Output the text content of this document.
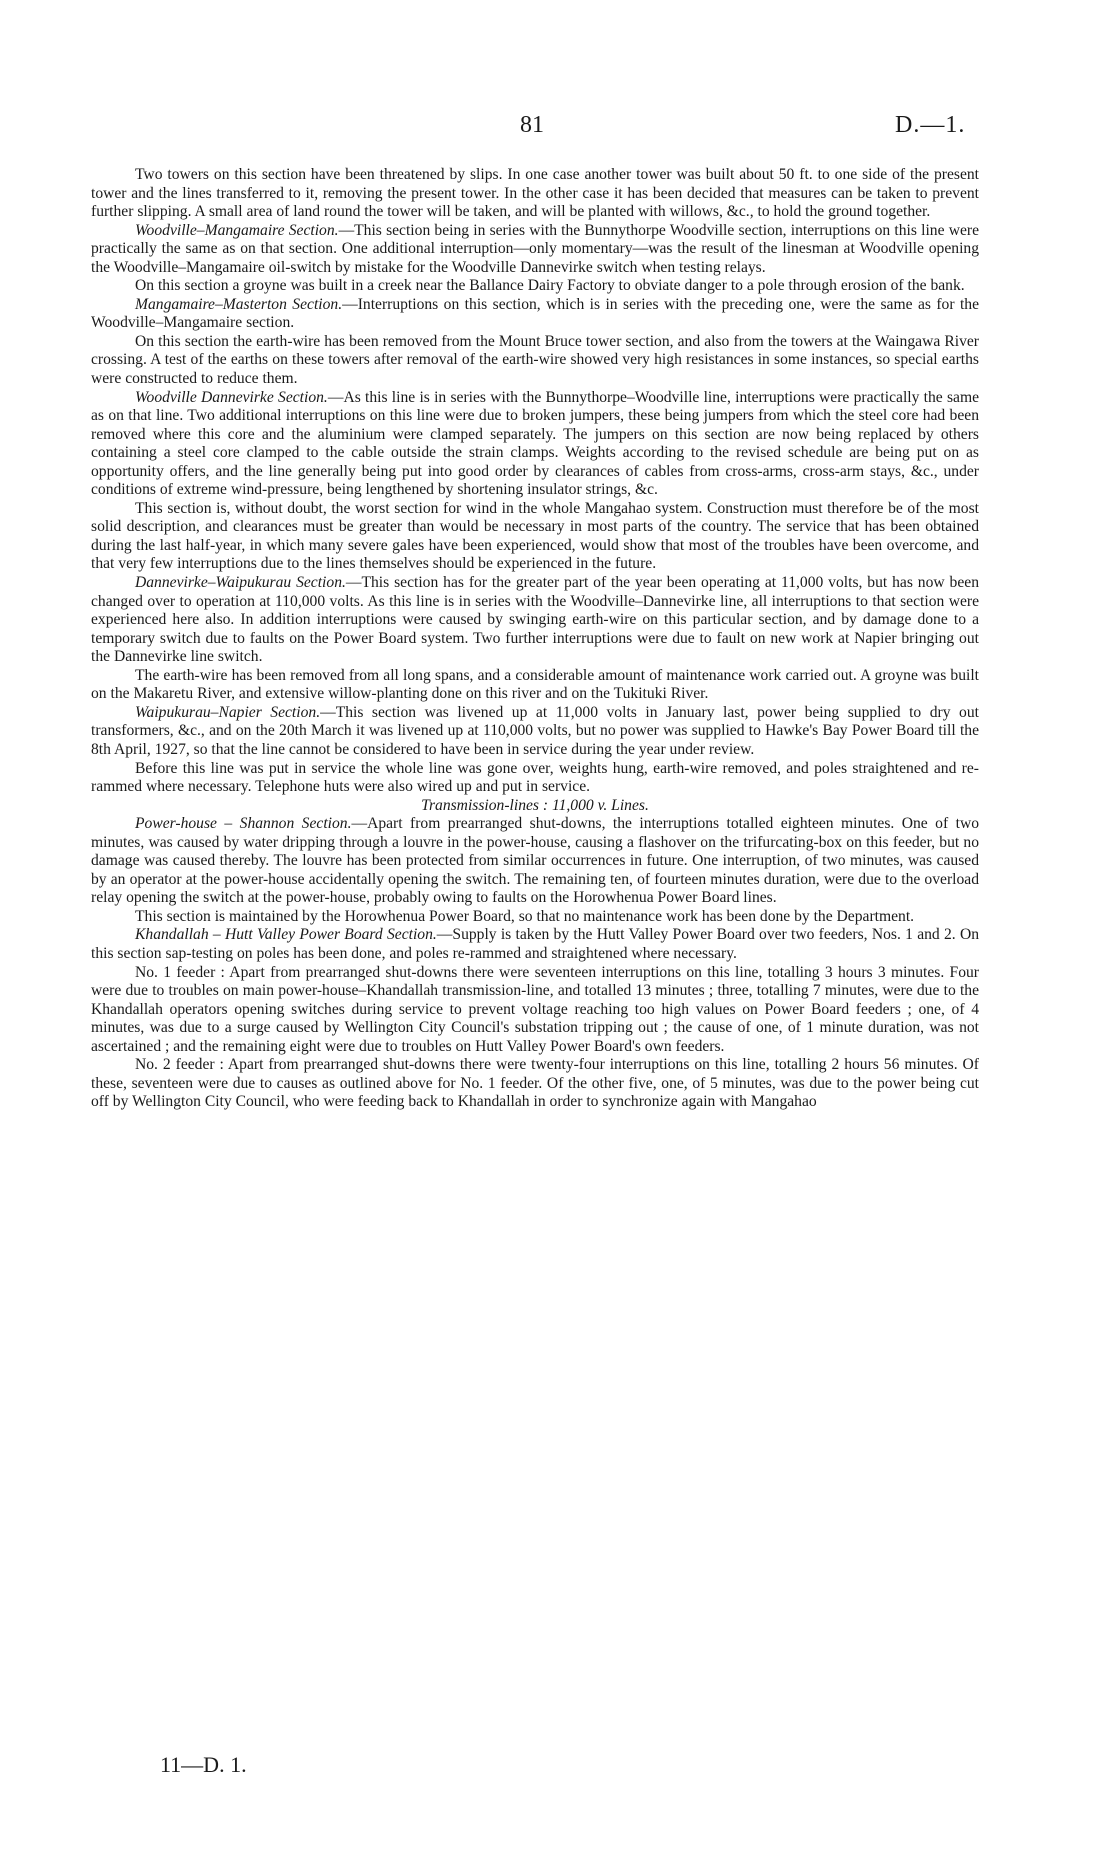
81	D.—1.

Two towers on this section have been threatened by slips. In one case another tower was built about 50 ft. to one side of the present tower and the lines transferred to it, removing the present tower. In the other case it has been decided that measures can be taken to prevent further slipping. A small area of land round the tower will be taken, and will be planted with willows, &c., to hold the ground together.

Woodville–Mangamaire Section.—This section being in series with the Bunnythorpe Woodville section, interruptions on this line were practically the same as on that section. One additional interruption—only momentary—was the result of the linesman at Woodville opening the Woodville–Mangamaire oil-switch by mistake for the Woodville Dannevirke switch when testing relays.

On this section a groyne was built in a creek near the Ballance Dairy Factory to obviate danger to a pole through erosion of the bank.

Mangamaire–Masterton Section.—Interruptions on this section, which is in series with the preceding one, were the same as for the Woodville–Mangamaire section.

On this section the earth-wire has been removed from the Mount Bruce tower section, and also from the towers at the Waingawa River crossing. A test of the earths on these towers after removal of the earth-wire showed very high resistances in some instances, so special earths were constructed to reduce them.

Woodville Dannevirke Section.—As this line is in series with the Bunnythorpe–Woodville line, interruptions were practically the same as on that line. Two additional interruptions on this line were due to broken jumpers, these being jumpers from which the steel core had been removed where this core and the aluminium were clamped separately. The jumpers on this section are now being replaced by others containing a steel core clamped to the cable outside the strain clamps. Weights according to the revised schedule are being put on as opportunity offers, and the line generally being put into good order by clearances of cables from cross-arms, cross-arm stays, &c., under conditions of extreme wind-pressure, being lengthened by shortening insulator strings, &c.

This section is, without doubt, the worst section for wind in the whole Mangahao system. Construction must therefore be of the most solid description, and clearances must be greater than would be necessary in most parts of the country. The service that has been obtained during the last half-year, in which many severe gales have been experienced, would show that most of the troubles have been overcome, and that very few interruptions due to the lines themselves should be experienced in the future.

Dannevirke–Waipukurau Section.—This section has for the greater part of the year been operating at 11,000 volts, but has now been changed over to operation at 110,000 volts. As this line is in series with the Woodville–Dannevirke line, all interruptions to that section were experienced here also. In addition interruptions were caused by swinging earth-wire on this particular section, and by damage done to a temporary switch due to faults on the Power Board system. Two further interruptions were due to fault on new work at Napier bringing out the Dannevirke line switch.

The earth-wire has been removed from all long spans, and a considerable amount of maintenance work carried out. A groyne was built on the Makaretu River, and extensive willow-planting done on this river and on the Tukituki River.

Waipukurau–Napier Section.—This section was livened up at 11,000 volts in January last, power being supplied to dry out transformers, &c., and on the 20th March it was livened up at 110,000 volts, but no power was supplied to Hawke's Bay Power Board till the 8th April, 1927, so that the line cannot be considered to have been in service during the year under review.

Before this line was put in service the whole line was gone over, weights hung, earth-wire removed, and poles straightened and re-rammed where necessary. Telephone huts were also wired up and put in service.

Transmission-lines : 11,000 v. Lines.

Power-house – Shannon Section.—Apart from prearranged shut-downs, the interruptions totalled eighteen minutes. One of two minutes, was caused by water dripping through a louvre in the power-house, causing a flashover on the trifurcating-box on this feeder, but no damage was caused thereby. The louvre has been protected from similar occurrences in future. One interruption, of two minutes, was caused by an operator at the power-house accidentally opening the switch. The remaining ten, of fourteen minutes duration, were due to the overload relay opening the switch at the power-house, probably owing to faults on the Horowhenua Power Board lines.

This section is maintained by the Horowhenua Power Board, so that no maintenance work has been done by the Department.

Khandallah – Hutt Valley Power Board Section.—Supply is taken by the Hutt Valley Power Board over two feeders, Nos. 1 and 2. On this section sap-testing on poles has been done, and poles re-rammed and straightened where necessary.

No. 1 feeder : Apart from prearranged shut-downs there were seventeen interruptions on this line, totalling 3 hours 3 minutes. Four were due to troubles on main power-house–Khandallah transmission-line, and totalled 13 minutes ; three, totalling 7 minutes, were due to the Khandallah operators opening switches during service to prevent voltage reaching too high values on Power Board feeders ; one, of 4 minutes, was due to a surge caused by Wellington City Council's substation tripping out ; the cause of one, of 1 minute duration, was not ascertained ; and the remaining eight were due to troubles on Hutt Valley Power Board's own feeders.

No. 2 feeder : Apart from prearranged shut-downs there were twenty-four interruptions on this line, totalling 2 hours 56 minutes. Of these, seventeen were due to causes as outlined above for No. 1 feeder. Of the other five, one, of 5 minutes, was due to the power being cut off by Wellington City Council, who were feeding back to Khandallah in order to synchronize again with Mangahao

11—D. 1.
